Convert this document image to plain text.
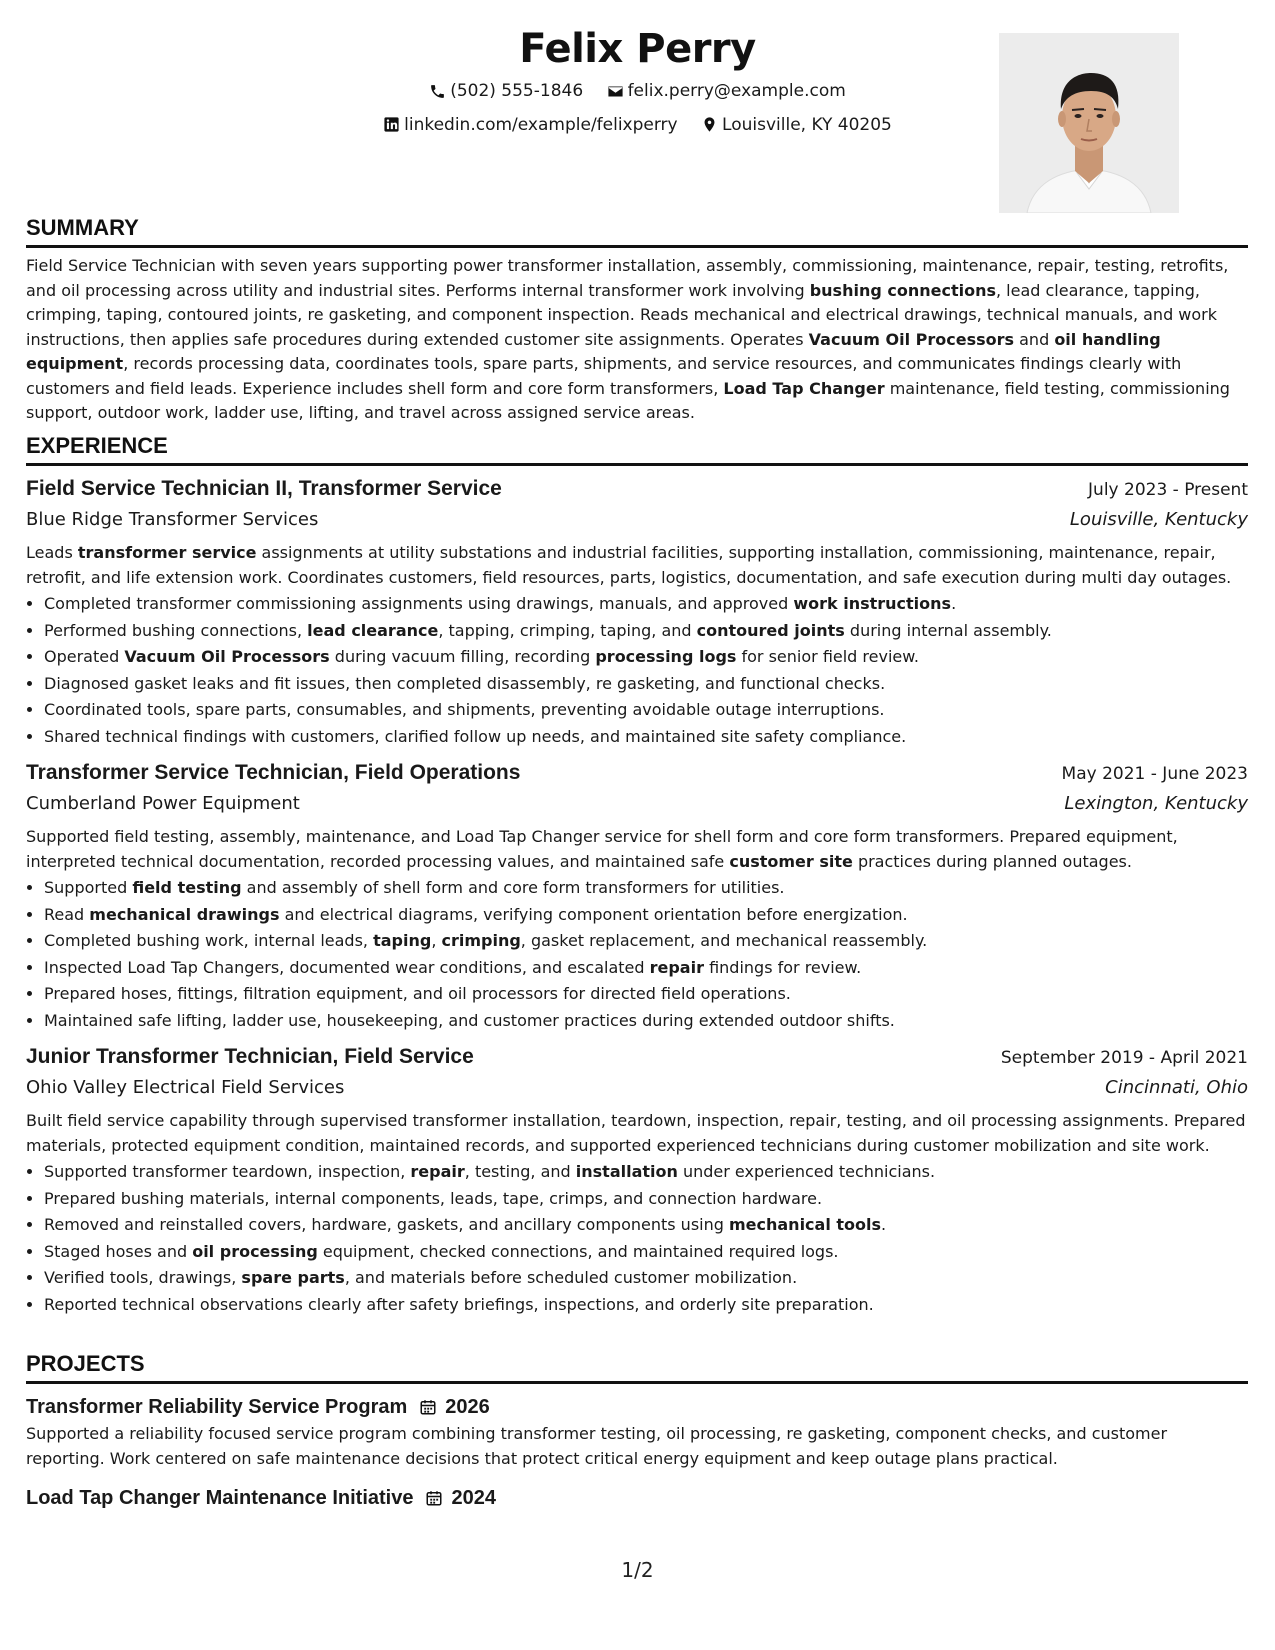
Felix Perry
(502) 555-1846
	felix.perry@example.com
linkedin.com/example/felixperry
	Louisville, KY 40205
SUMMARY

Field Service Technician with seven years supporting power transformer installation, assembly, commissioning, maintenance, repair, testing, retrofits, and oil processing across utility and industrial sites. Performs internal transformer work involving bushing connections, lead clearance, tapping, crimping, taping, contoured joints, re gasketing, and component inspection. Reads mechanical and electrical drawings, technical manuals, and work instructions, then applies safe procedures during extended customer site assignments. Operates Vacuum Oil Processors and oil handling equipment, records processing data, coordinates tools, spare parts, shipments, and service resources, and communicates findings clearly with customers and field leads. Experience includes shell form and core form transformers, Load Tap Changer maintenance, field testing, commissioning support, outdoor work, ladder use, lifting, and travel across assigned service areas.

EXPERIENCE
Field Service Technician II, Transformer Service	July 2023 - Present
Blue Ridge Transformer Services	Louisville, Kentucky
Leads transformer service assignments at utility substations and industrial facilities, supporting installation, commissioning, maintenance, repair, retrofit, and life extension work. Coordinates customers, field resources, parts, logistics, documentation, and safe execution during multi day outages.
• Completed transformer commissioning assignments using drawings, manuals, and approved work instructions.
• Performed bushing connections, lead clearance, tapping, crimping, taping, and contoured joints during internal assembly.
• Operated Vacuum Oil Processors during vacuum filling, recording processing logs for senior field review.
• Diagnosed gasket leaks and fit issues, then completed disassembly, re gasketing, and functional checks.
• Coordinated tools, spare parts, consumables, and shipments, preventing avoidable outage interruptions.
• Shared technical findings with customers, clarified follow up needs, and maintained site safety compliance.
Transformer Service Technician, Field Operations	May 2021 - June 2023
Cumberland Power Equipment	Lexington, Kentucky
Supported field testing, assembly, maintenance, and Load Tap Changer service for shell form and core form transformers. Prepared equipment, interpreted technical documentation, recorded processing values, and maintained safe customer site practices during planned outages.
• Supported field testing and assembly of shell form and core form transformers for utilities.
• Read mechanical drawings and electrical diagrams, verifying component orientation before energization.
• Completed bushing work, internal leads, taping, crimping, gasket replacement, and mechanical reassembly.
• Inspected Load Tap Changers, documented wear conditions, and escalated repair findings for review.
• Prepared hoses, fittings, filtration equipment, and oil processors for directed field operations.
• Maintained safe lifting, ladder use, housekeeping, and customer practices during extended outdoor shifts.
Junior Transformer Technician, Field Service	September 2019 - April 2021
Ohio Valley Electrical Field Services	Cincinnati, Ohio
Built field service capability through supervised transformer installation, teardown, inspection, repair, testing, and oil processing assignments. Prepared materials, protected equipment condition, maintained records, and supported experienced technicians during customer mobilization and site work.
• Supported transformer teardown, inspection, repair, testing, and installation under experienced technicians.
• Prepared bushing materials, internal components, leads, tape, crimps, and connection hardware.
• Removed and reinstalled covers, hardware, gaskets, and ancillary components using mechanical tools.
• Staged hoses and oil processing equipment, checked connections, and maintained required logs.
• Verified tools, drawings, spare parts, and materials before scheduled customer mobilization.
• Reported technical observations clearly after safety briefings, inspections, and orderly site preparation.
PROJECTS
Transformer Reliability Service Program 2026

Supported a reliability focused service program combining transformer testing, oil processing, re gasketing, component checks, and customer reporting. Work centered on safe maintenance decisions that protect critical energy equipment and keep outage plans practical.

Load Tap Changer Maintenance Initiative 2024
1/2
